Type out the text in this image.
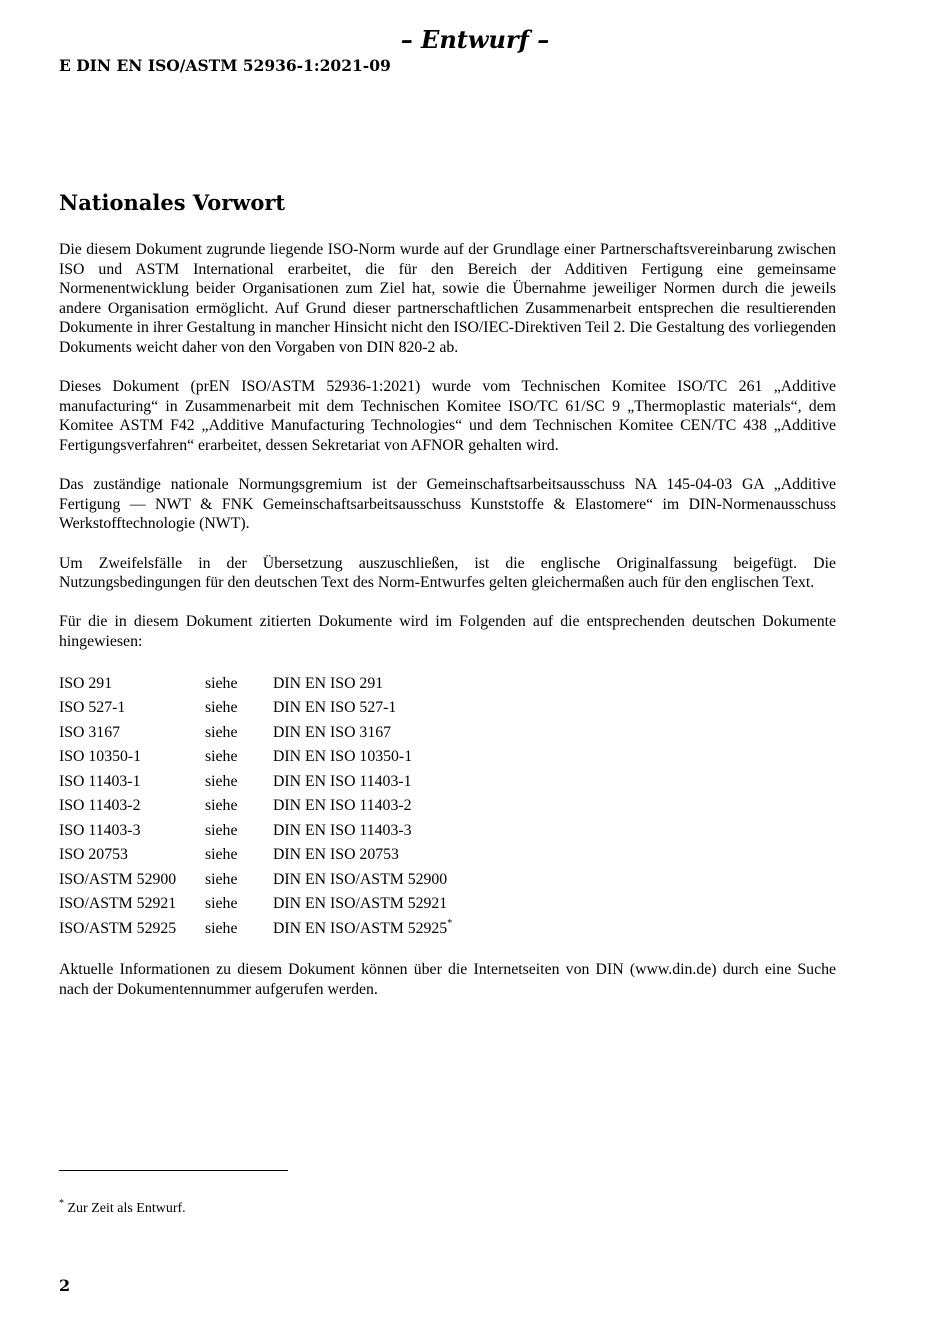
– Entwurf –
E DIN EN ISO/ASTM 52936-1:2021-09
Nationales Vorwort

Die diesem Dokument zugrunde liegende ISO-Norm wurde auf der Grundlage einer Partnerschaftsvereinbarung zwischen ISO und ASTM International erarbeitet, die für den Bereich der Additiven Fertigung eine gemeinsame Normenentwicklung beider Organisationen zum Ziel hat, sowie die Übernahme jeweiliger Normen durch die jeweils andere Organisation ermöglicht. Auf Grund dieser partnerschaftlichen Zusammenarbeit entsprechen die resultierenden Dokumente in ihrer Gestaltung in mancher Hinsicht nicht den ISO/IEC-Direktiven Teil 2. Die Gestaltung des vorliegenden Dokuments weicht daher von den Vorgaben von DIN 820-2 ab.

Dieses Dokument (prEN ISO/ASTM 52936-1:2021) wurde vom Technischen Komitee ISO/TC 261 „Additive manufacturing“ in Zusammenarbeit mit dem Technischen Komitee ISO/TC 61/SC 9 „Thermoplastic materials“, dem Komitee ASTM F42 „Additive Manufacturing Technologies“ und dem Technischen Komitee CEN/TC 438 „Additive Fertigungsverfahren“ erarbeitet, dessen Sekretariat von AFNOR gehalten wird.

Das zuständige nationale Normungsgremium ist der Gemeinschaftsarbeitsausschuss NA 145-04-03 GA „Additive Fertigung — NWT & FNK Gemeinschaftsarbeitsausschuss Kunststoffe & Elastomere“ im DIN-Normenausschuss Werkstofftechnologie (NWT).

Um Zweifelsfälle in der Übersetzung auszuschließen, ist die englische Originalfassung beigefügt. Die Nutzungsbedingungen für den deutschen Text des Norm-Entwurfes gelten gleichermaßen auch für den englischen Text.

Für die in diesem Dokument zitierten Dokumente wird im Folgenden auf die entsprechenden deutschen Dokumente hingewiesen:

ISO 291	siehe	DIN EN ISO 291
ISO 527-1	siehe	DIN EN ISO 527-1
ISO 3167	siehe	DIN EN ISO 3167
ISO 10350-1	siehe	DIN EN ISO 10350-1
ISO 11403-1	siehe	DIN EN ISO 11403-1
ISO 11403-2	siehe	DIN EN ISO 11403-2
ISO 11403-3	siehe	DIN EN ISO 11403-3
ISO 20753	siehe	DIN EN ISO 20753
ISO/ASTM 52900	siehe	DIN EN ISO/ASTM 52900
ISO/ASTM 52921	siehe	DIN EN ISO/ASTM 52921
ISO/ASTM 52925	siehe	DIN EN ISO/ASTM 52925*

Aktuelle Informationen zu diesem Dokument können über die Internetseiten von DIN (www.din.de) durch eine Suche nach der Dokumentennummer aufgerufen werden.

* Zur Zeit als Entwurf.
2
